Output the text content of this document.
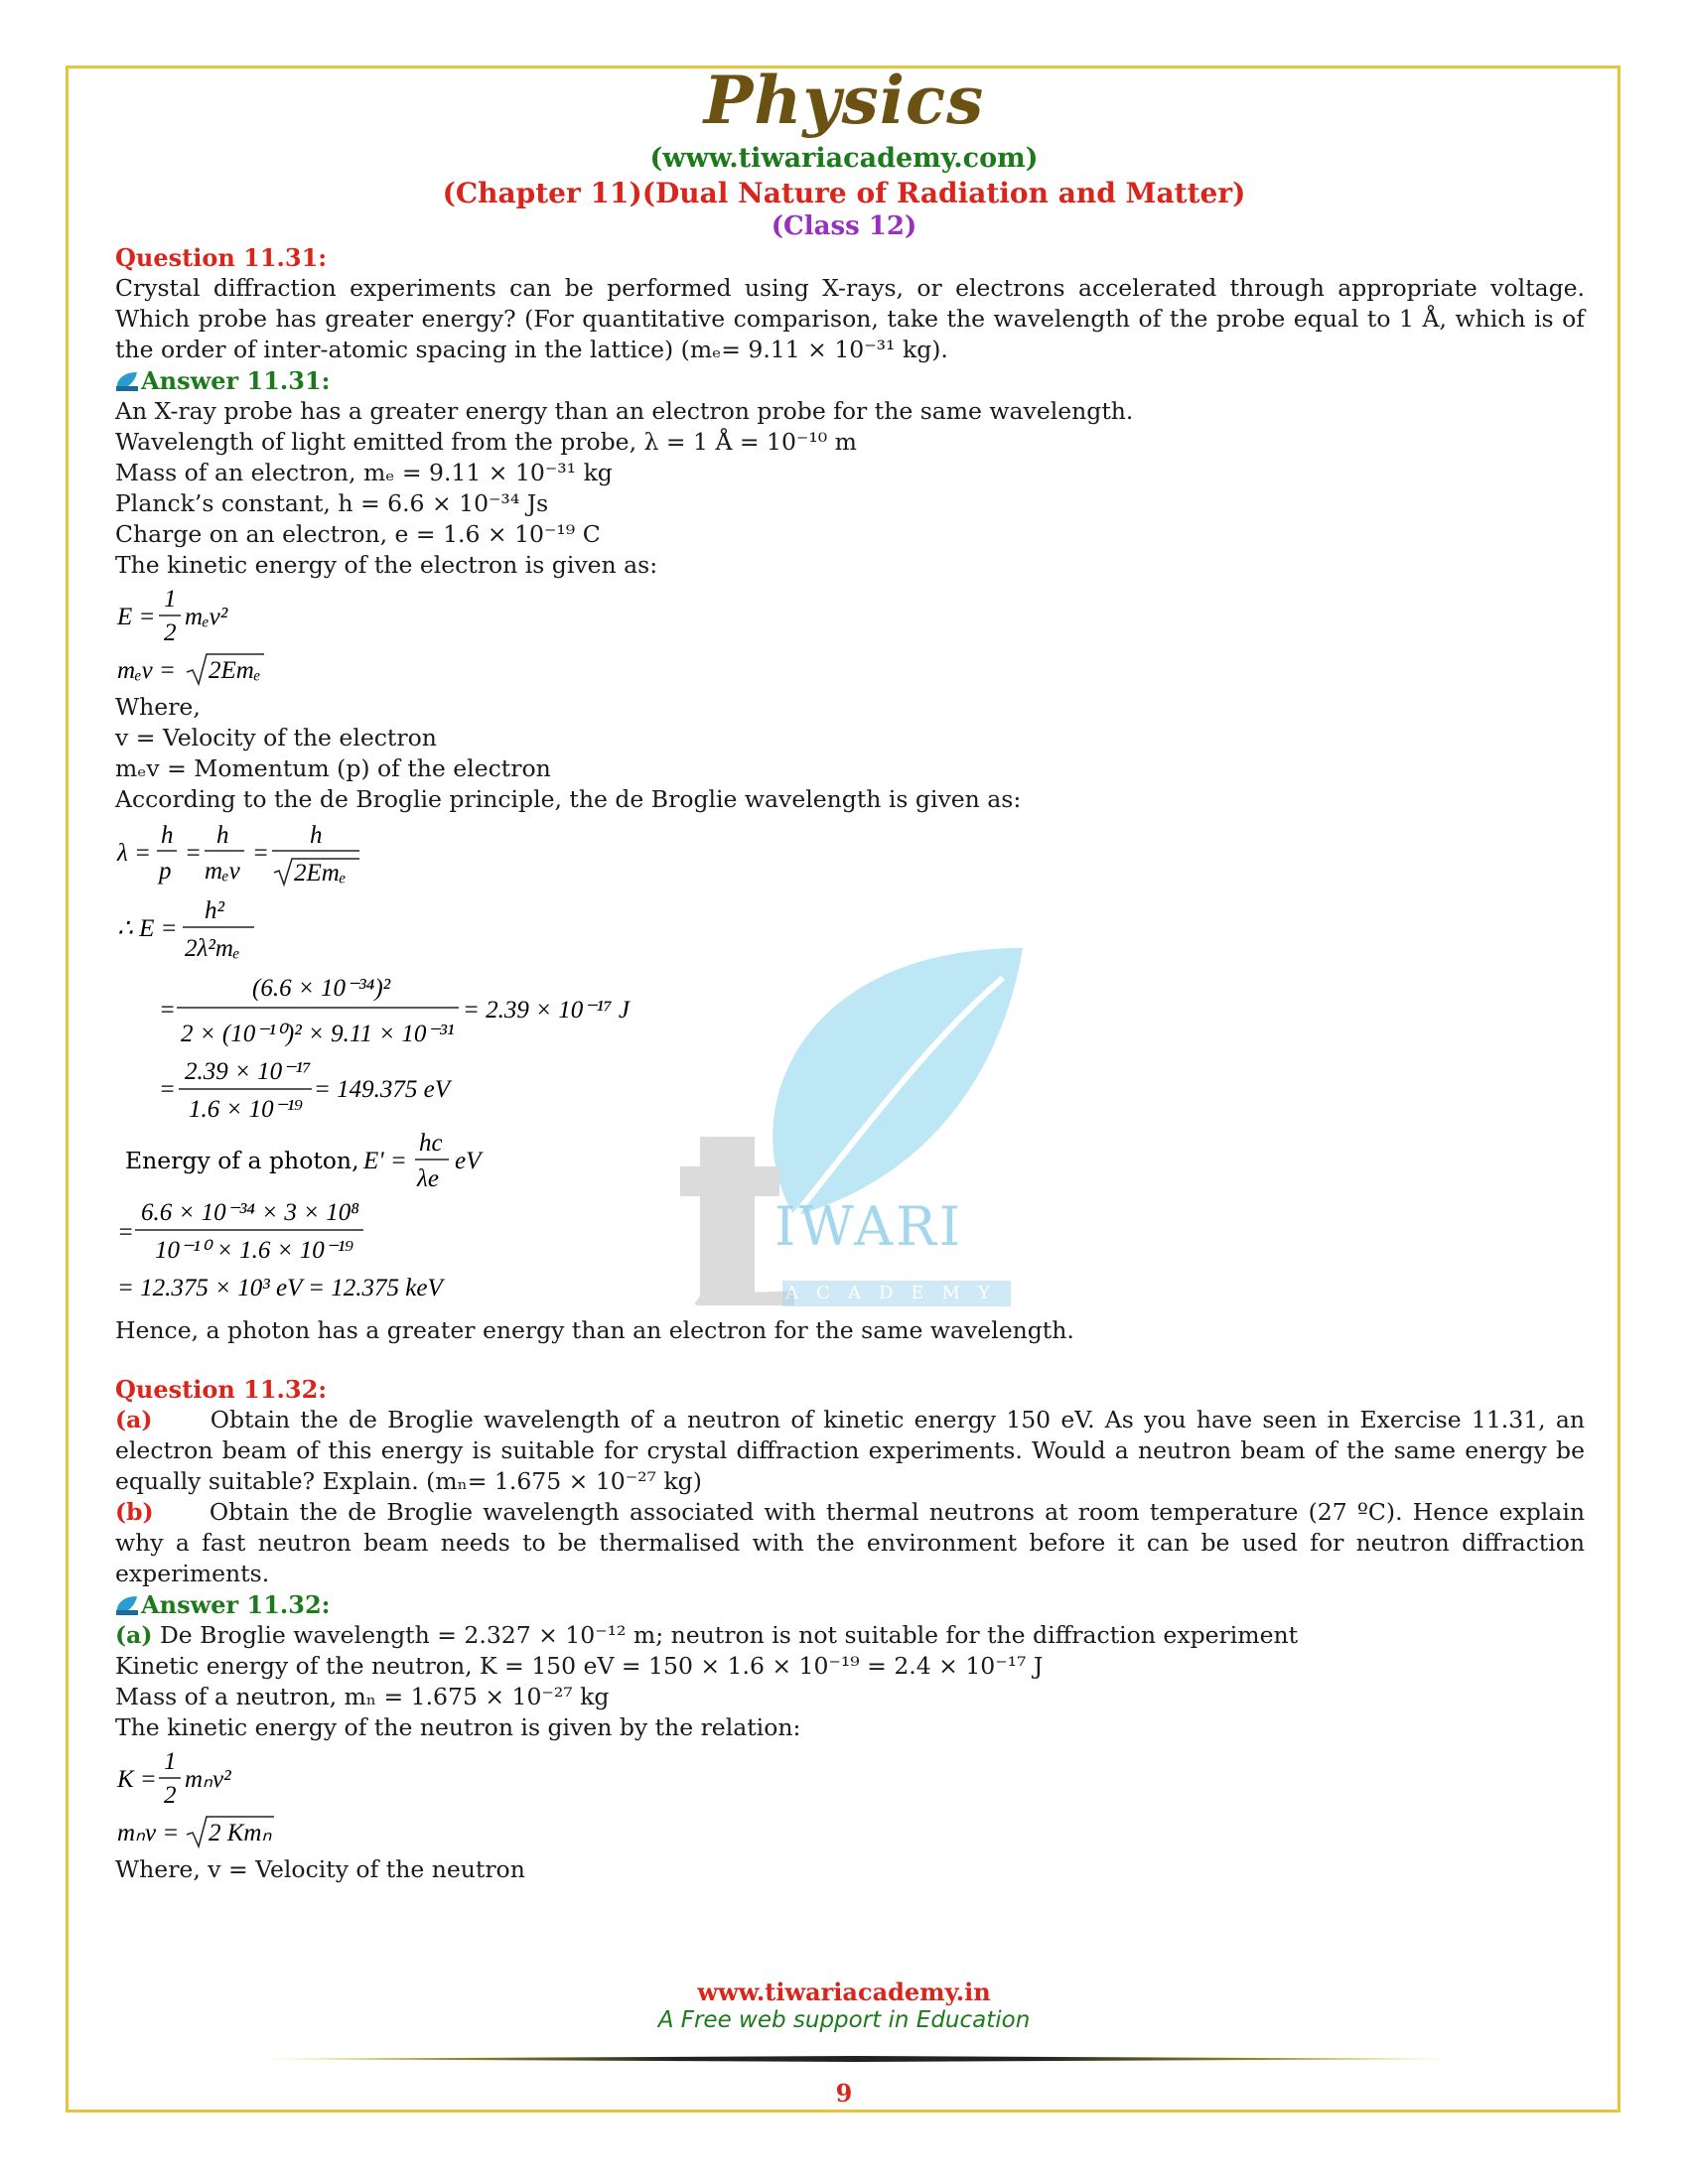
Physics
(www.tiwariacademy.com)
(Chapter 11)(Dual Nature of Radiation and Matter)
(Class 12)
IWARI
ACADEMY
Question 11.31:
Crystal diffraction experiments can be performed using X-rays, or electrons accelerated through appropriate voltage. Which probe has greater energy? (For quantitative comparison, take the wavelength of the probe equal to 1 Å, which is of the order of inter-atomic spacing in the lattice) (mₑ= 9.11 × 10⁻³¹ kg).
Answer 11.31:
An X-ray probe has a greater energy than an electron probe for the same wavelength.
Wavelength of light emitted from the probe, λ = 1 Å = 10⁻¹⁰ m
Mass of an electron, mₑ = 9.11 × 10⁻³¹ kg
Planck’s constant, h = 6.6 × 10⁻³⁴ Js
Charge on an electron, e = 1.6 × 10⁻¹⁹ C
The kinetic energy of the electron is given as:
E =
1
2
mₑv²
mₑv = 2Emₑ
Where,
v = Velocity of the electron
mₑv = Momentum (p) of the electron
According to the de Broglie principle, the de Broglie wavelength is given as:
λ =
h
p
=
h
mₑv
=
h
2Emₑ
∴ E =
h²
2λ²mₑ
=
(6.6 × 10⁻³⁴)²
2 × (10⁻¹⁰)² × 9.11 × 10⁻³¹
= 2.39 × 10⁻¹⁷ J
=
2.39 × 10⁻¹⁷
1.6 × 10⁻¹⁹
= 149.375 eV
Energy of a photon, E' =
hc
λe
eV
=
6.6 × 10⁻³⁴ × 3 × 10⁸
10⁻¹⁰ × 1.6 × 10⁻¹⁹
= 12.375 × 10³ eV = 12.375 keV
Hence, a photon has a greater energy than an electron for the same wavelength.
Question 11.32:
(a) Obtain the de Broglie wavelength of a neutron of kinetic energy 150 eV. As you have seen in Exercise 11.31, an electron beam of this energy is suitable for crystal diffraction experiments. Would a neutron beam of the same energy be equally suitable? Explain. (mₙ= 1.675 × 10⁻²⁷ kg)
(b) Obtain the de Broglie wavelength associated with thermal neutrons at room temperature (27 ºC). Hence explain why a fast neutron beam needs to be thermalised with the environment before it can be used for neutron diffraction experiments.
Answer 11.32:
(a) De Broglie wavelength = 2.327 × 10⁻¹² m; neutron is not suitable for the diffraction experiment
Kinetic energy of the neutron, K = 150 eV = 150 × 1.6 × 10⁻¹⁹ = 2.4 × 10⁻¹⁷ J
Mass of a neutron, mₙ = 1.675 × 10⁻²⁷ kg
The kinetic energy of the neutron is given by the relation:
K =
1
2
mₙv²
mₙv = 2 Kmₙ
Where, v = Velocity of the neutron
www.tiwariacademy.in
A Free web support in Education
9
